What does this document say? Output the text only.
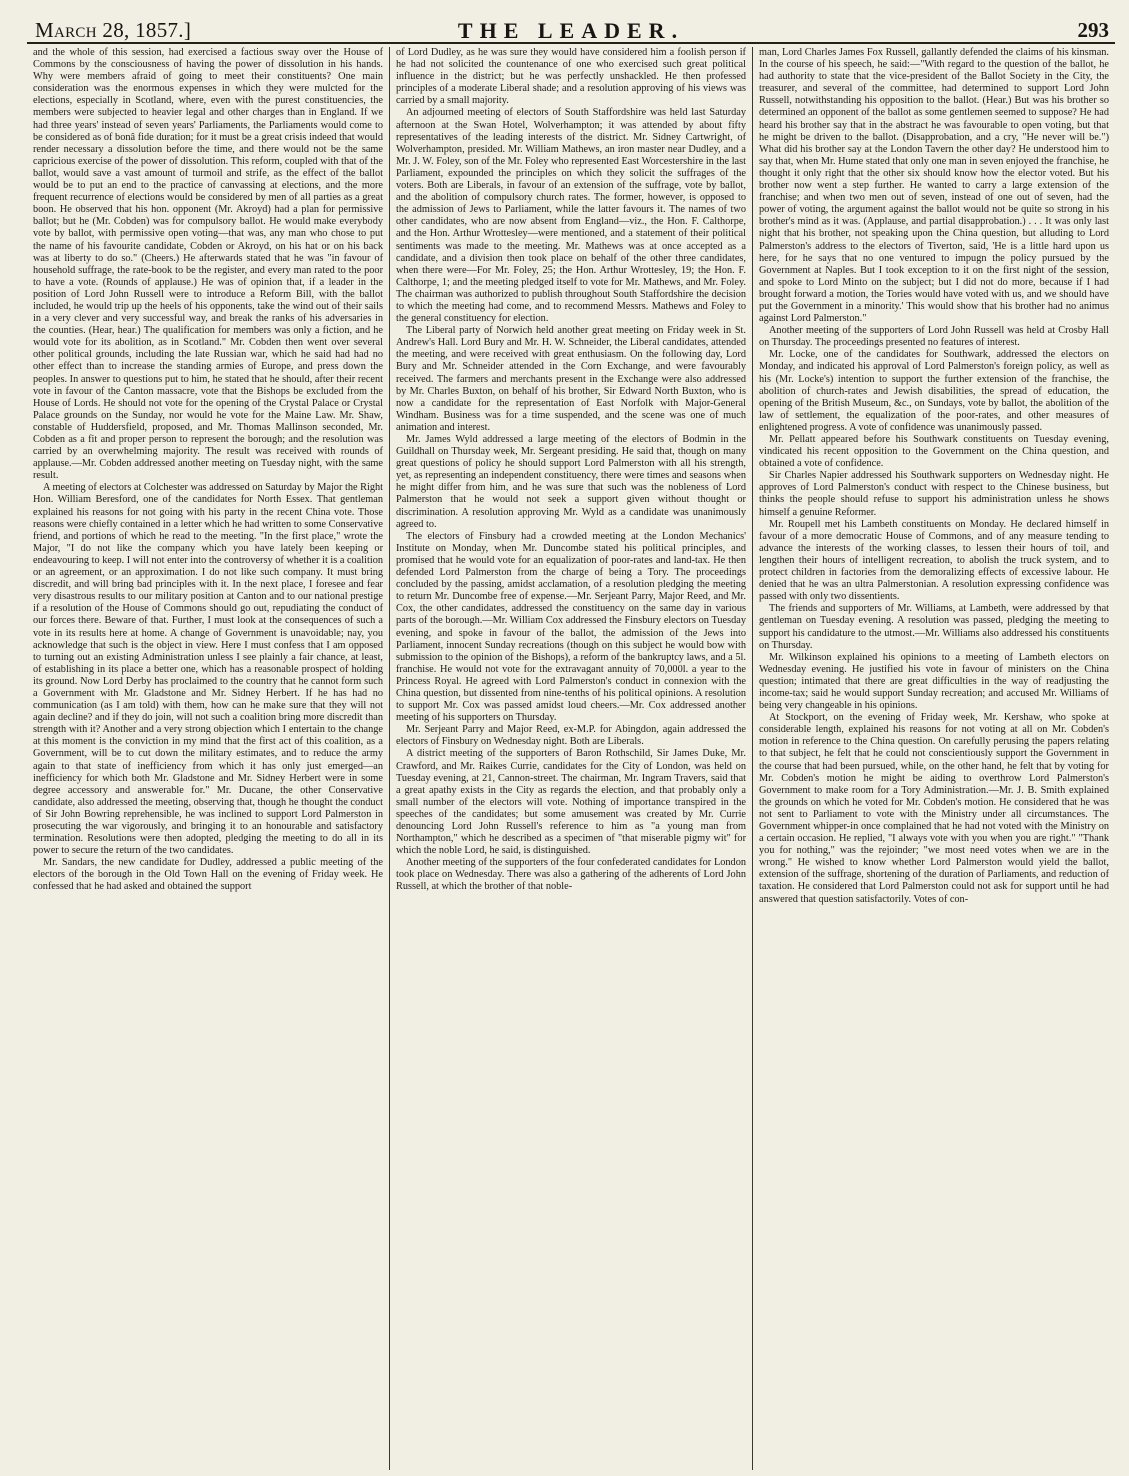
March 28, 1857.]	THE LEADER.	293

and the whole of this session, had exercised a factious sway over the House of Commons by the consciousness of having the power of dissolution in his hands. Why were members afraid of going to meet their constituents? One main consideration was the enormous expenses in which they were mulcted for the elections, especially in Scotland, where, even with the purest constituencies, the members were subjected to heavier legal and other charges than in England. If we had three years' instead of seven years' Parliaments, the Parliaments would come to be considered as of bonâ fide duration; for it must be a great crisis indeed that would render necessary a dissolution before the time, and there would not be the same capricious exercise of the power of dissolution. This reform, coupled with that of the ballot, would save a vast amount of turmoil and strife, as the effect of the ballot would be to put an end to the practice of canvassing at elections, and the more frequent recurrence of elections would be considered by men of all parties as a great boon. He observed that his hon. opponent (Mr. Akroyd) had a plan for permissive ballot; but he (Mr. Cobden) was for compulsory ballot. He would make everybody vote by ballot, with permissive open voting—that was, any man who chose to put the name of his favourite candidate, Cobden or Akroyd, on his hat or on his back was at liberty to do so." (Cheers.) He afterwards stated that he was "in favour of household suffrage, the rate-book to be the register, and every man rated to the poor to have a vote. (Rounds of applause.) He was of opinion that, if a leader in the position of Lord John Russell were to introduce a Reform Bill, with the ballot included, he would trip up the heels of his opponents, take the wind out of their sails in a very clever and very successful way, and break the ranks of his adversaries in the counties. (Hear, hear.) The qualification for members was only a fiction, and he would vote for its abolition, as in Scotland." Mr. Cobden then went over several other political grounds, including the late Russian war, which he said had had no other effect than to increase the standing armies of Europe, and press down the peoples. In answer to questions put to him, he stated that he should, after their recent vote in favour of the Canton massacre, vote that the Bishops be excluded from the House of Lords. He should not vote for the opening of the Crystal Palace or Crystal Palace grounds on the Sunday, nor would he vote for the Maine Law. Mr. Shaw, constable of Huddersfield, proposed, and Mr. Thomas Mallinson seconded, Mr. Cobden as a fit and proper person to represent the borough; and the resolution was carried by an overwhelming majority. The result was received with rounds of applause.—Mr. Cobden addressed another meeting on Tuesday night, with the same result.

A meeting of electors at Colchester was addressed on Saturday by Major the Right Hon. William Beresford, one of the candidates for North Essex. That gentleman explained his reasons for not going with his party in the recent China vote. Those reasons were chiefly contained in a letter which he had written to some Conservative friend, and portions of which he read to the meeting. "In the first place," wrote the Major, "I do not like the company which you have lately been keeping or endeavouring to keep. I will not enter into the controversy of whether it is a coalition or an agreement, or an approximation. I do not like such company. It must bring discredit, and will bring bad principles with it. In the next place, I foresee and fear very disastrous results to our military position at Canton and to our national prestige if a resolution of the House of Commons should go out, repudiating the conduct of our forces there. Beware of that. Further, I must look at the consequences of such a vote in its results here at home. A change of Government is unavoidable; nay, you acknowledge that such is the object in view. Here I must confess that I am opposed to turning out an existing Administration unless I see plainly a fair chance, at least, of establishing in its place a better one, which has a reasonable prospect of holding its ground. Now Lord Derby has proclaimed to the country that he cannot form such a Government with Mr. Gladstone and Mr. Sidney Herbert. If he has had no communication (as I am told) with them, how can he make sure that they will not again decline? and if they do join, will not such a coalition bring more discredit than strength with it? Another and a very strong objection which I entertain to the change at this moment is the conviction in my mind that the first act of this coalition, as a Government, will be to cut down the military estimates, and to reduce the army again to that state of inefficiency from which it has only just emerged—an inefficiency for which both Mr. Gladstone and Mr. Sidney Herbert were in some degree accessory and answerable for." Mr. Ducane, the other Conservative candidate, also addressed the meeting, observing that, though he thought the conduct of Sir John Bowring reprehensible, he was inclined to support Lord Palmerston in prosecuting the war vigorously, and bringing it to an honourable and satisfactory termination. Resolutions were then adopted, pledging the meeting to do all in its power to secure the return of the two candidates.

Mr. Sandars, the new candidate for Dudley, addressed a public meeting of the electors of the borough in the Old Town Hall on the evening of Friday week. He confessed that he had asked and obtained the support

of Lord Dudley, as he was sure they would have considered him a foolish person if he had not solicited the countenance of one who exercised such great political influence in the district; but he was perfectly unshackled. He then professed principles of a moderate Liberal shade; and a resolution approving of his views was carried by a small majority.

An adjourned meeting of electors of South Staffordshire was held last Saturday afternoon at the Swan Hotel, Wolverhampton; it was attended by about fifty representatives of the leading interests of the district. Mr. Sidney Cartwright, of Wolverhampton, presided. Mr. William Mathews, an iron master near Dudley, and a Mr. J. W. Foley, son of the Mr. Foley who represented East Worcestershire in the last Parliament, expounded the principles on which they solicit the suffrages of the voters. Both are Liberals, in favour of an extension of the suffrage, vote by ballot, and the abolition of compulsory church rates. The former, however, is opposed to the admission of Jews to Parliament, while the latter favours it. The names of two other candidates, who are now absent from England—viz., the Hon. F. Calthorpe, and the Hon. Arthur Wrottesley—were mentioned, and a statement of their political sentiments was made to the meeting. Mr. Mathews was at once accepted as a candidate, and a division then took place on behalf of the other three candidates, when there were—For Mr. Foley, 25; the Hon. Arthur Wrottesley, 19; the Hon. F. Calthorpe, 1; and the meeting pledged itself to vote for Mr. Mathews, and Mr. Foley. The chairman was authorized to publish throughout South Staffordshire the decision to which the meeting had come, and to recommend Messrs. Mathews and Foley to the general constituency for election.

The Liberal party of Norwich held another great meeting on Friday week in St. Andrew's Hall. Lord Bury and Mr. H. W. Schneider, the Liberal candidates, attended the meeting, and were received with great enthusiasm. On the following day, Lord Bury and Mr. Schneider attended in the Corn Exchange, and were favourably received. The farmers and merchants present in the Exchange were also addressed by Mr. Charles Buxton, on behalf of his brother, Sir Edward North Buxton, who is now a candidate for the representation of East Norfolk with Major-General Windham. Business was for a time suspended, and the scene was one of much animation and interest.

Mr. James Wyld addressed a large meeting of the electors of Bodmin in the Guildhall on Thursday week, Mr. Sergeant presiding. He said that, though on many great questions of policy he should support Lord Palmerston with all his strength, yet, as representing an independent constituency, there were times and seasons when he might differ from him, and he was sure that such was the nobleness of Lord Palmerston that he would not seek a support given without thought or discrimination. A resolution approving Mr. Wyld as a candidate was unanimously agreed to.

The electors of Finsbury had a crowded meeting at the London Mechanics' Institute on Monday, when Mr. Duncombe stated his political principles, and promised that he would vote for an equalization of poor-rates and land-tax. He then defended Lord Palmerston from the charge of being a Tory. The proceedings concluded by the passing, amidst acclamation, of a resolution pledging the meeting to return Mr. Duncombe free of expense.—Mr. Serjeant Parry, Major Reed, and Mr. Cox, the other candidates, addressed the constituency on the same day in various parts of the borough.—Mr. William Cox addressed the Finsbury electors on Tuesday evening, and spoke in favour of the ballot, the admission of the Jews into Parliament, innocent Sunday recreations (though on this subject he would bow with submission to the opinion of the Bishops), a reform of the bankruptcy laws, and a 5l. franchise. He would not vote for the extravagant annuity of 70,000l. a year to the Princess Royal. He agreed with Lord Palmerston's conduct in connexion with the China question, but dissented from nine-tenths of his political opinions. A resolution to support Mr. Cox was passed amidst loud cheers.—Mr. Cox addressed another meeting of his supporters on Thursday.

Mr. Serjeant Parry and Major Reed, ex-M.P. for Abingdon, again addressed the electors of Finsbury on Wednesday night. Both are Liberals.

A district meeting of the supporters of Baron Rothschild, Sir James Duke, Mr. Crawford, and Mr. Raikes Currie, candidates for the City of London, was held on Tuesday evening, at 21, Cannon-street. The chairman, Mr. Ingram Travers, said that a great apathy exists in the City as regards the election, and that probably only a small number of the electors will vote. Nothing of importance transpired in the speeches of the candidates; but some amusement was created by Mr. Currie denouncing Lord John Russell's reference to him as "a young man from Northampton," which he described as a specimen of "that miserable pigmy wit" for which the noble Lord, he said, is distinguished.

Another meeting of the supporters of the four confederated candidates for London took place on Wednesday. There was also a gathering of the adherents of Lord John Russell, at which the brother of that noble-

man, Lord Charles James Fox Russell, gallantly defended the claims of his kinsman. In the course of his speech, he said:—"With regard to the question of the ballot, he had authority to state that the vice-president of the Ballot Society in the City, the treasurer, and several of the committee, had determined to support Lord John Russell, notwithstanding his opposition to the ballot. (Hear.) But was his brother so determined an opponent of the ballot as some gentlemen seemed to suppose? He had heard his brother say that in the abstract he was favourable to open voting, but that he might be driven to the ballot. (Disapprobation, and a cry, "He never will be.") What did his brother say at the London Tavern the other day? He understood him to say that, when Mr. Hume stated that only one man in seven enjoyed the franchise, he thought it only right that the other six should know how the elector voted. But his brother now went a step further. He wanted to carry a large extension of the franchise; and when two men out of seven, instead of one out of seven, had the power of voting, the argument against the ballot would not be quite so strong in his brother's mind as it was. (Applause, and partial disapprobation.) . . . It was only last night that his brother, not speaking upon the China question, but alluding to Lord Palmerston's address to the electors of Tiverton, said, 'He is a little hard upon us here, for he says that no one ventured to impugn the policy pursued by the Government at Naples. But I took exception to it on the first night of the session, and spoke to Lord Minto on the subject; but I did not do more, because if I had brought forward a motion, the Tories would have voted with us, and we should have put the Government in a minority.' This would show that his brother had no animus against Lord Palmerston."

Another meeting of the supporters of Lord John Russell was held at Crosby Hall on Thursday. The proceedings presented no features of interest.

Mr. Locke, one of the candidates for Southwark, addressed the electors on Monday, and indicated his approval of Lord Palmerston's foreign policy, as well as his (Mr. Locke's) intention to support the further extension of the franchise, the abolition of church-rates and Jewish disabilities, the spread of education, the opening of the British Museum, &c., on Sundays, vote by ballot, the abolition of the law of settlement, the equalization of the poor-rates, and other measures of enlightened progress. A vote of confidence was unanimously passed.

Mr. Pellatt appeared before his Southwark constituents on Tuesday evening, vindicated his recent opposition to the Government on the China question, and obtained a vote of confidence.

Sir Charles Napier addressed his Southwark supporters on Wednesday night. He approves of Lord Palmerston's conduct with respect to the Chinese business, but thinks the people should refuse to support his administration unless he shows himself a genuine Reformer.

Mr. Roupell met his Lambeth constituents on Monday. He declared himself in favour of a more democratic House of Commons, and of any measure tending to advance the interests of the working classes, to lessen their hours of toil, and lengthen their hours of intelligent recreation, to abolish the truck system, and to protect children in factories from the demoralizing effects of excessive labour. He denied that he was an ultra Palmerstonian. A resolution expressing confidence was passed with only two dissentients.

The friends and supporters of Mr. Williams, at Lambeth, were addressed by that gentleman on Tuesday evening. A resolution was passed, pledging the meeting to support his candidature to the utmost.—Mr. Williams also addressed his constituents on Thursday.

Mr. Wilkinson explained his opinions to a meeting of Lambeth electors on Wednesday evening. He justified his vote in favour of ministers on the China question; intimated that there are great difficulties in the way of readjusting the income-tax; said he would support Sunday recreation; and accused Mr. Williams of being very changeable in his opinions.

At Stockport, on the evening of Friday week, Mr. Kershaw, who spoke at considerable length, explained his reasons for not voting at all on Mr. Cobden's motion in reference to the China question. On carefully perusing the papers relating to that subject, he felt that he could not conscientiously support the Government in the course that had been pursued, while, on the other hand, he felt that by voting for Mr. Cobden's motion he might be aiding to overthrow Lord Palmerston's Government to make room for a Tory Administration.—Mr. J. B. Smith explained the grounds on which he voted for Mr. Cobden's motion. He considered that he was not sent to Parliament to vote with the Ministry under all circumstances. The Government whipper-in once complained that he had not voted with the Ministry on a certain occasion. He replied, "I always vote with you when you are right." "Thank you for nothing," was the rejoinder; "we most need votes when we are in the wrong." He wished to know whether Lord Palmerston would yield the ballot, extension of the suffrage, shortening of the duration of Parliaments, and reduction of taxation. He considered that Lord Palmerston could not ask for support until he had answered that question satisfactorily. Votes of con-
